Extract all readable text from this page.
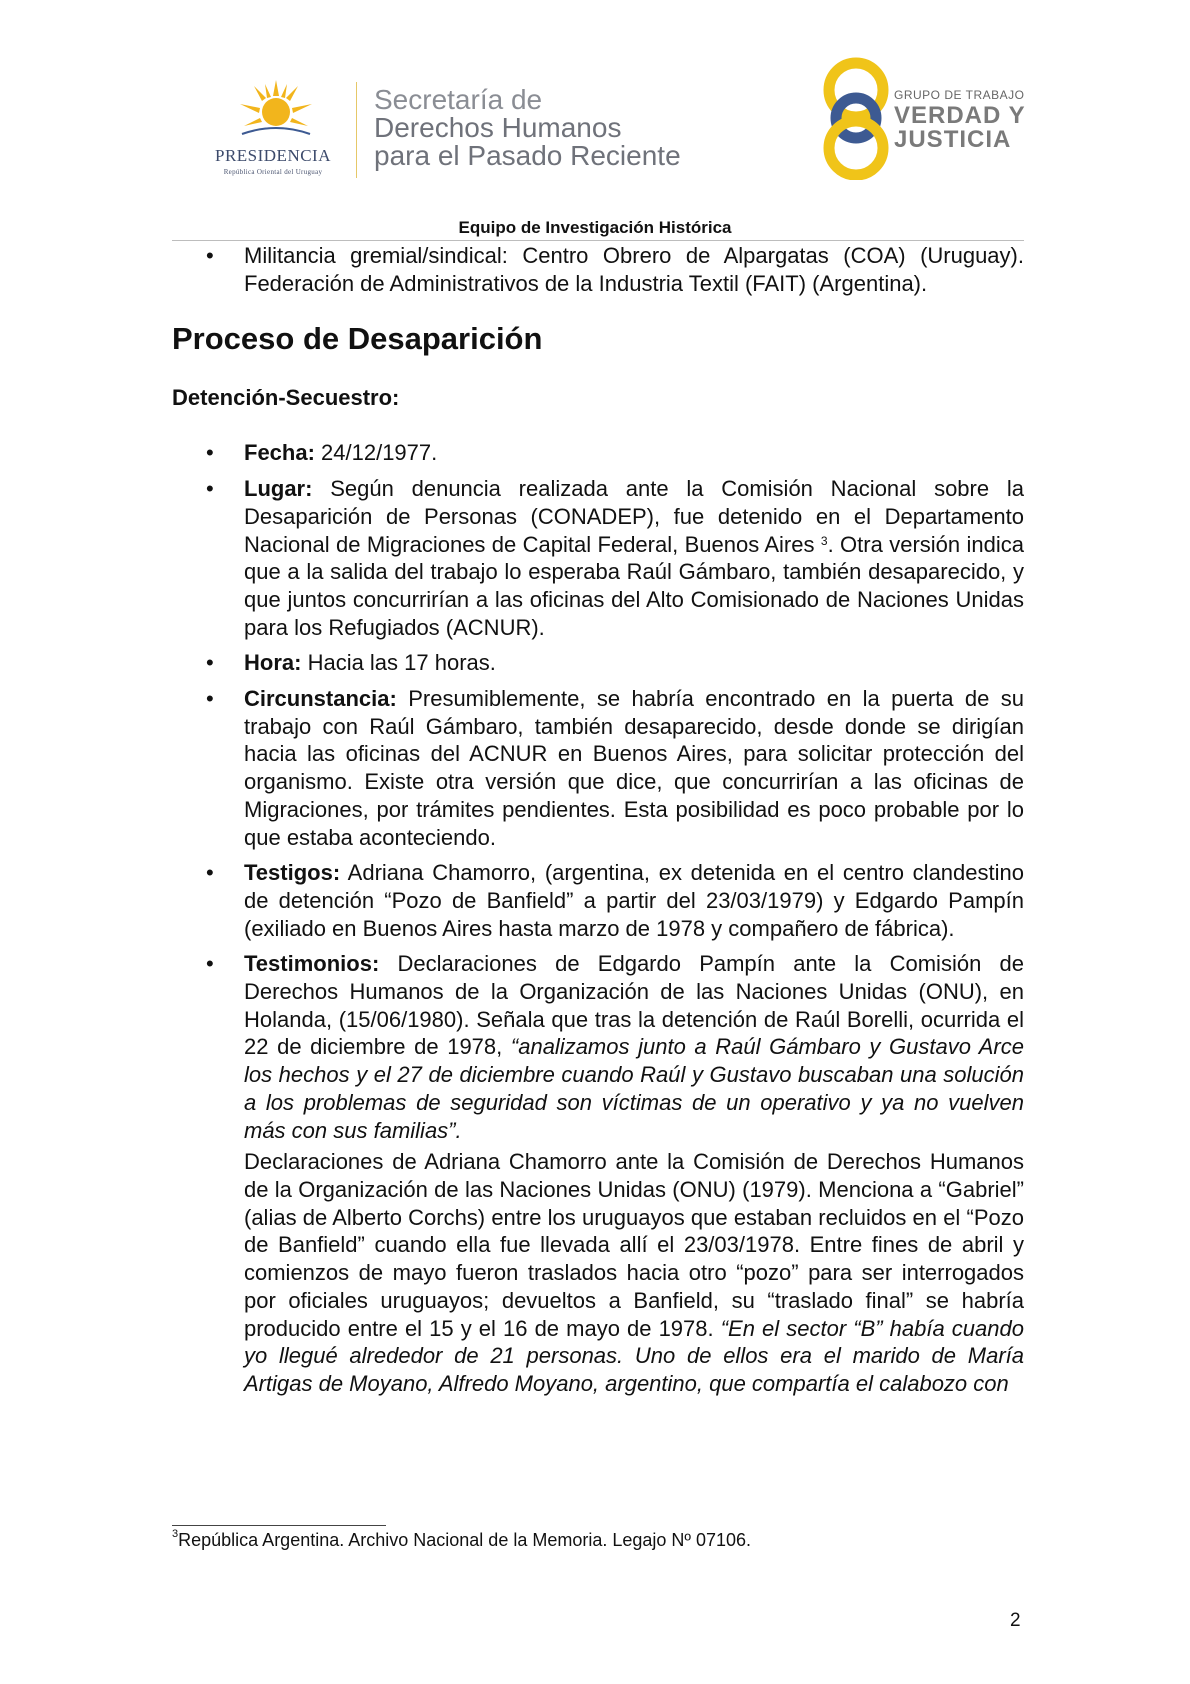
PRESIDENCIA
República Oriental del Uruguay
Secretaría de
Derechos Humanos
para el Pasado Reciente
GRUPO DE TRABAJO
VERDAD Y
JUSTICIA
Equipo de Investigación Histórica
• Militancia gremial/sindical: Centro Obrero de Alpargatas (COA) (Uruguay). Federación de Administrativos de la Industria Textil (FAIT) (Argentina).
Proceso de Desaparición
Detención-Secuestro:
• Fecha: 24/12/1977.
• Lugar: Según denuncia realizada ante la Comisión Nacional sobre la Desaparición de Personas (CONADEP), fue detenido en el Departamento Nacional de Migraciones de Capital Federal, Buenos Aires $^3$. Otra versión indica que a la salida del trabajo lo esperaba Raúl Gámbaro, también desaparecido, y que juntos concurrirían a las oficinas del Alto Comisionado de Naciones Unidas para los Refugiados (ACNUR).
• Hora: Hacia las 17 horas.
• Circunstancia: Presumiblemente, se habría encontrado en la puerta de su trabajo con Raúl Gámbaro, también desaparecido, desde donde se dirigían hacia las oficinas del ACNUR en Buenos Aires, para solicitar protección del organismo. Existe otra versión que dice, que concurrirían a las oficinas de Migraciones, por trámites pendientes. Esta posibilidad es poco probable por lo que estaba aconteciendo.
• Testigos: Adriana Chamorro, (argentina, ex detenida en el centro clandestino de detención “Pozo de Banfield” a partir del 23/03/1979) y Edgardo Pampín (exiliado en Buenos Aires hasta marzo de 1978 y compañero de fábrica).
• Testimonios: Declaraciones de Edgardo Pampín ante la Comisión de Derechos Humanos de la Organización de las Naciones Unidas (ONU), en Holanda, (15/06/1980). Señala que tras la detención de Raúl Borelli, ocurrida el 22 de diciembre de 1978, “analizamos junto a Raúl Gámbaro y Gustavo Arce los hechos y el 27 de diciembre cuando Raúl y Gustavo buscaban una solución a los problemas de seguridad son víctimas de un operativo y ya no vuelven más con sus familias”.
Declaraciones de Adriana Chamorro ante la Comisión de Derechos Humanos de la Organización de las Naciones Unidas (ONU) (1979). Menciona a “Gabriel” (alias de Alberto Corchs) entre los uruguayos que estaban recluidos en el “Pozo de Banfield” cuando ella fue llevada allí el 23/03/1978. Entre fines de abril y comienzos de mayo fueron traslados hacia otro “pozo” para ser interrogados por oficiales uruguayos; devueltos a Banfield, su “traslado final” se habría producido entre el 15 y el 16 de mayo de 1978. “En el sector “B” había cuando yo llegué alrededor de 21 personas. Uno de ellos era el marido de María Artigas de Moyano, Alfredo Moyano, argentino, que compartía el calabozo con
$^3$República Argentina. Archivo Nacional de la Memoria. Legajo Nº 07106.
2
